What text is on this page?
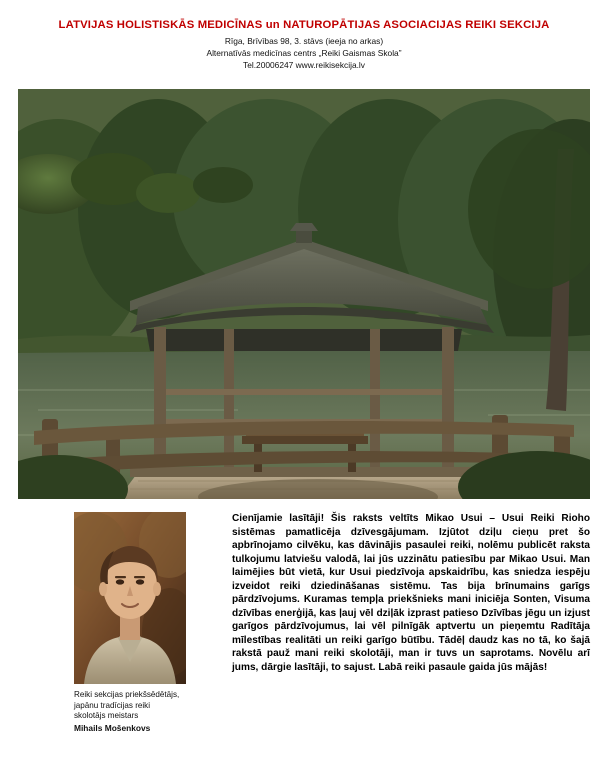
LATVIJAS HOLISTISKĀS MEDICĪNAS un NATUROPĀTIJAS ASOCIACIJAS REIKI SEKCIJA
Rīga, Brīvības 98, 3. stāvs (ieeja no arkas)
Alternatīvās medicīnas centrs „Reiki Gaismas Skola”
Tel.20006247 www.reikisekcija.lv
Reiki sekcijas priekšsēdētājs,
japānu tradīcijas reiki
skolotājs meistars
Mihails Mošenkovs
Cienījamie lasītāji! Šis raksts veltīts Mikao Usui – Usui Reiki Rioho sistēmas pamatlicēja dzīvesgājumam. Izjūtot dziļu cieņu pret šo apbrīnojamo cilvēku, kas dāvinājis pasaulei reiki, nolēmu publicēt raksta tulkojumu latviešu valodā, lai jūs uzzinātu patiesību par Mikao Usui. Man laimējies būt vietā, kur Usui piedzīvoja apskaidrību, kas sniedza iespēju izveidot reiki dziedināšanas sistēmu. Tas bija brīnumains garīgs pārdzīvojums. Kuramas tempļa priekšnieks mani iniciēja Sonten, Visuma dzīvības enerģijā, kas ļauj vēl dziļāk izprast patieso Dzīvības jēgu un izjust garīgos pārdzīvojumus, lai vēl pilnīgāk aptvertu un pieņemtu Radītāja mīlestības realitāti un reiki garīgo būtību. Tādēļ daudz kas no tā, ko šajā rakstā pauž mani reiki skolotāji, man ir tuvs un saprotams. Novēlu arī jums, dārgie lasītāji, to sajust. Labā reiki pasaule gaida jūs mājās!
